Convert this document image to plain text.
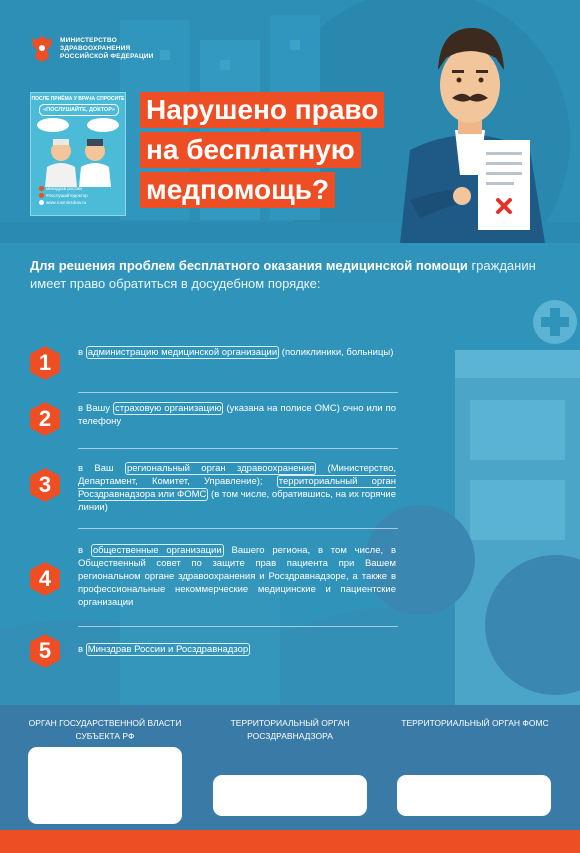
МИНИСТЕРСТВО
ЗДРАВООХРАНЕНИЯ
РОССИЙСКОЙ ФЕДЕРАЦИИ
ПОСЛЕ ПРИЁМА У ВРАЧА СПРОСИТЕ
«ПОСЛУШАЙТЕ, ДОКТОР»
минздрав россии
#послушайтедоктор
www.rosminzdrav.ru
Нарушено право
на бесплатную
медпомощь?
Для решения проблем бесплатного оказания медицинской помощи гражданин имеет право обратиться в досудебном порядке:
1	в администрацию медицинской организации (поликлиники, больницы)
2	в Вашу страховую организацию (указана на полисе ОМС) очно или по телефону
3
в Ваш региональный орган здравоохранения (Министерство, Департамент, Комитет, Управление); территориальный орган Росздравнадзора или ФОМС (в том числе, обратившись, на их горячие линии)
4
в общественные организации Вашего региона, в том числе, в Общественный совет по защите прав пациента при Вашем региональном органе здравоохранения и Росздравнадзоре, а также в профессиональные некоммерческие медицинские и пациентские организации
5	в Минздрав России и Росздравнадзор
ОРГАН ГОСУДАРСТВЕННОЙ ВЛАСТИ СУБЪЕКТА РФ
ТЕРРИТОРИАЛЬНЫЙ ОРГАН РОСЗДРАВНАДЗОРА
ТЕРРИТОРИАЛЬНЫЙ ОРГАН ФОМС
